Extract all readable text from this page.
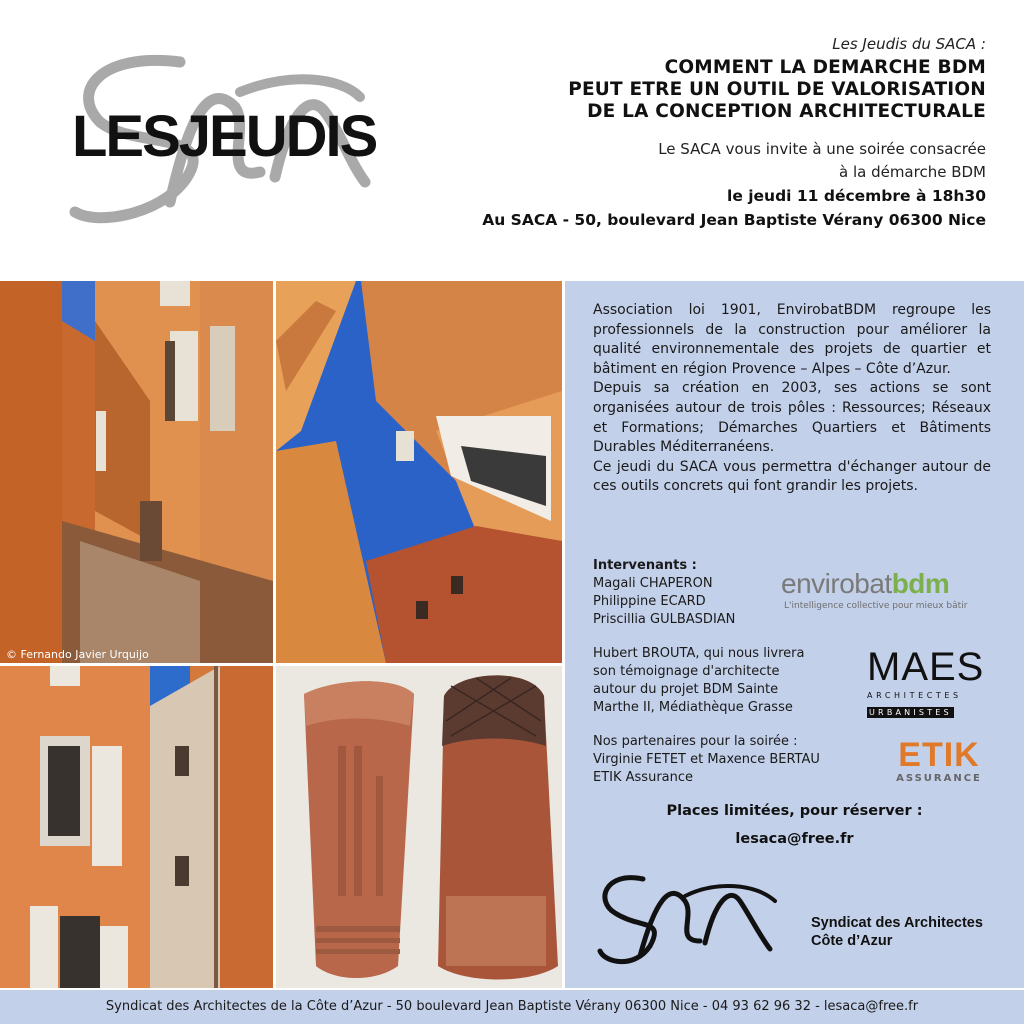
LESJEUDIS
Les Jeudis du SACA :
COMMENT LA DEMARCHE BDM
PEUT ETRE UN OUTIL DE VALORISATION
DE LA CONCEPTION ARCHITECTURALE
Le SACA vous invite à une soirée consacrée
à la démarche BDM
le jeudi 11 décembre à 18h30
Au SACA - 50, boulevard Jean Baptiste Vérany 06300 Nice
© Fernando Javier Urquijo

Association loi 1901, EnvirobatBDM regroupe les professionnels de la construction pour améliorer la qualité environnementale des projets de quartier et bâtiment en région Provence – Alpes – Côte d’Azur.

Depuis sa création en 2003, ses actions se sont organisées autour de trois pôles : Ressources; Réseaux et Formations; Démarches Quartiers et Bâtiments Durables Méditerranéens.

Ce jeudi du SACA vous permettra d'échanger autour de ces outils concrets qui font grandir les projets.

Intervenants :
Magali CHAPERON
Philippine ECARD
Priscillia GULBASDIAN
envirobatbdm
L'intelligence collective pour mieux bâtir
Hubert BROUTA, qui nous livrera
son témoignage d'architecte
autour du projet BDM Sainte
Marthe II, Médiathèque Grasse
MAES
ARCHITECTES
URBANISTES
Nos partenaires pour la soirée :
Virginie FETET et Maxence BERTAU
ETIK Assurance
ETIK
ASSURANCE
Places limitées, pour réserver :
lesaca@free.fr
Syndicat des Architectes
Côte d’Azur
Syndicat des Architectes de la Côte d’Azur - 50 boulevard Jean Baptiste Vérany 06300 Nice - 04 93 62 96 32 - lesaca@free.fr
